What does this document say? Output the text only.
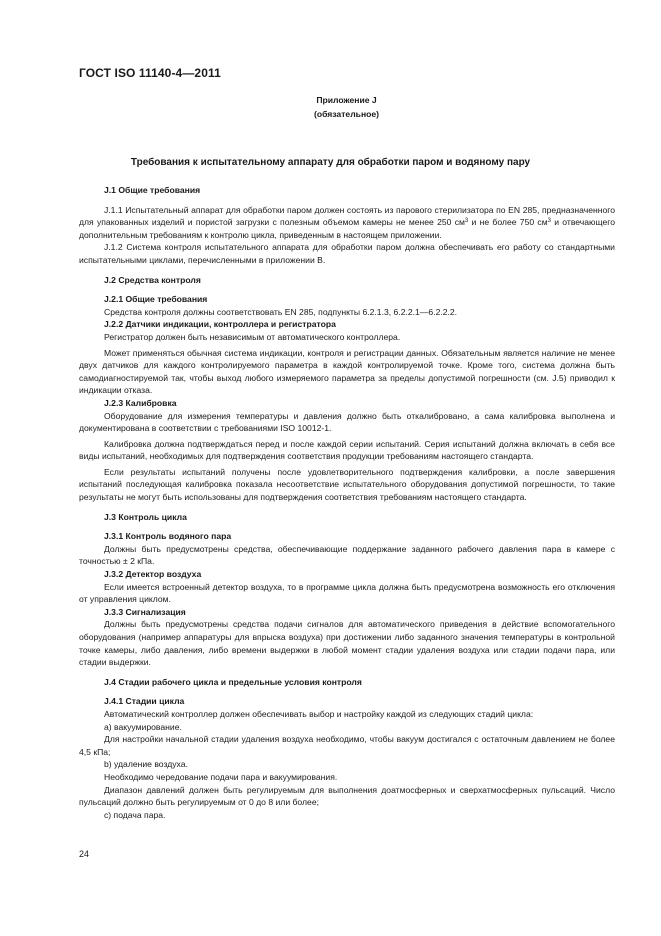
ГОСТ ISO 11140-4—2011
Приложение J
(обязательное)
Требования к испытательному аппарату для обработки паром и водяному пару

J.1 Общие требования

J.1.1 Испытательный аппарат для обработки паром должен состоять из парового стерилизатора по EN 285, предназначенного для упакованных изделий и пористой загрузки с полезным объемом камеры не менее 250 $см^3$ и не более 750 $см^3$ и отвечающего дополнительным требованиям к контролю цикла, приведенным в настоящем приложении.

J.1.2 Система контроля испытательного аппарата для обработки паром должна обеспечивать его работу со стандартными испытательными циклами, перечисленными в приложении B.

J.2 Средства контроля

J.2.1 Общие требования

Средства контроля должны соответствовать EN 285, подпункты 6.2.1.3, 6.2.2.1—6.2.2.2.

J.2.2 Датчики индикации, контроллера и регистратора

Регистратор должен быть независимым от автоматического контроллера.

Может применяться обычная система индикации, контроля и регистрации данных. Обязательным является наличие не менее двух датчиков для каждого контролируемого параметра в каждой контролируемой точке. Кроме того, система должна быть самодиагностируемой так, чтобы выход любого измеряемого параметра за пределы допустимой погрешности (см. J.5) приводил к индикации отказа.

J.2.3 Калибровка

Оборудование для измерения температуры и давления должно быть откалибровано, а сама калибровка выполнена и документирована в соответствии с требованиями ISO 10012-1.

Калибровка должна подтверждаться перед и после каждой серии испытаний. Серия испытаний должна включать в себя все виды испытаний, необходимых для подтверждения соответствия продукции требованиям настоящего стандарта.

Если результаты испытаний получены после удовлетворительного подтверждения калибровки, а после завершения испытаний последующая калибровка показала несоответствие испытательного оборудования допустимой погрешности, то такие результаты не могут быть использованы для подтверждения соответствия требованиям настоящего стандарта.

J.3 Контроль цикла

J.3.1 Контроль водяного пара

Должны быть предусмотрены средства, обеспечивающие поддержание заданного рабочего давления пара в камере с точностью ± 2 кПа.

J.3.2 Детектор воздуха

Если имеется встроенный детектор воздуха, то в программе цикла должна быть предусмотрена возможность его отключения от управления циклом.

J.3.3 Сигнализация

Должны быть предусмотрены средства подачи сигналов для автоматического приведения в действие вспомогательного оборудования (например аппаратуры для впрыска воздуха) при достижении либо заданного значения температуры в контрольной точке камеры, либо давления, либо времени выдержки в любой момент стадии удаления воздуха или стадии подачи пара, или стадии выдержки.

J.4 Стадии рабочего цикла и предельные условия контроля

J.4.1 Стадии цикла

Автоматический контроллер должен обеспечивать выбор и настройку каждой из следующих стадий цикла:

a) вакуумирование.

Для настройки начальной стадии удаления воздуха необходимо, чтобы вакуум достигался с остаточным давлением не более 4,5 кПа;

b) удаление воздуха.

Необходимо чередование подачи пара и вакуумирования.

Диапазон давлений должен быть регулируемым для выполнения доатмосферных и сверхатмосферных пульсаций. Число пульсаций должно быть регулируемым от 0 до 8 или более;

c) подача пара.

24
